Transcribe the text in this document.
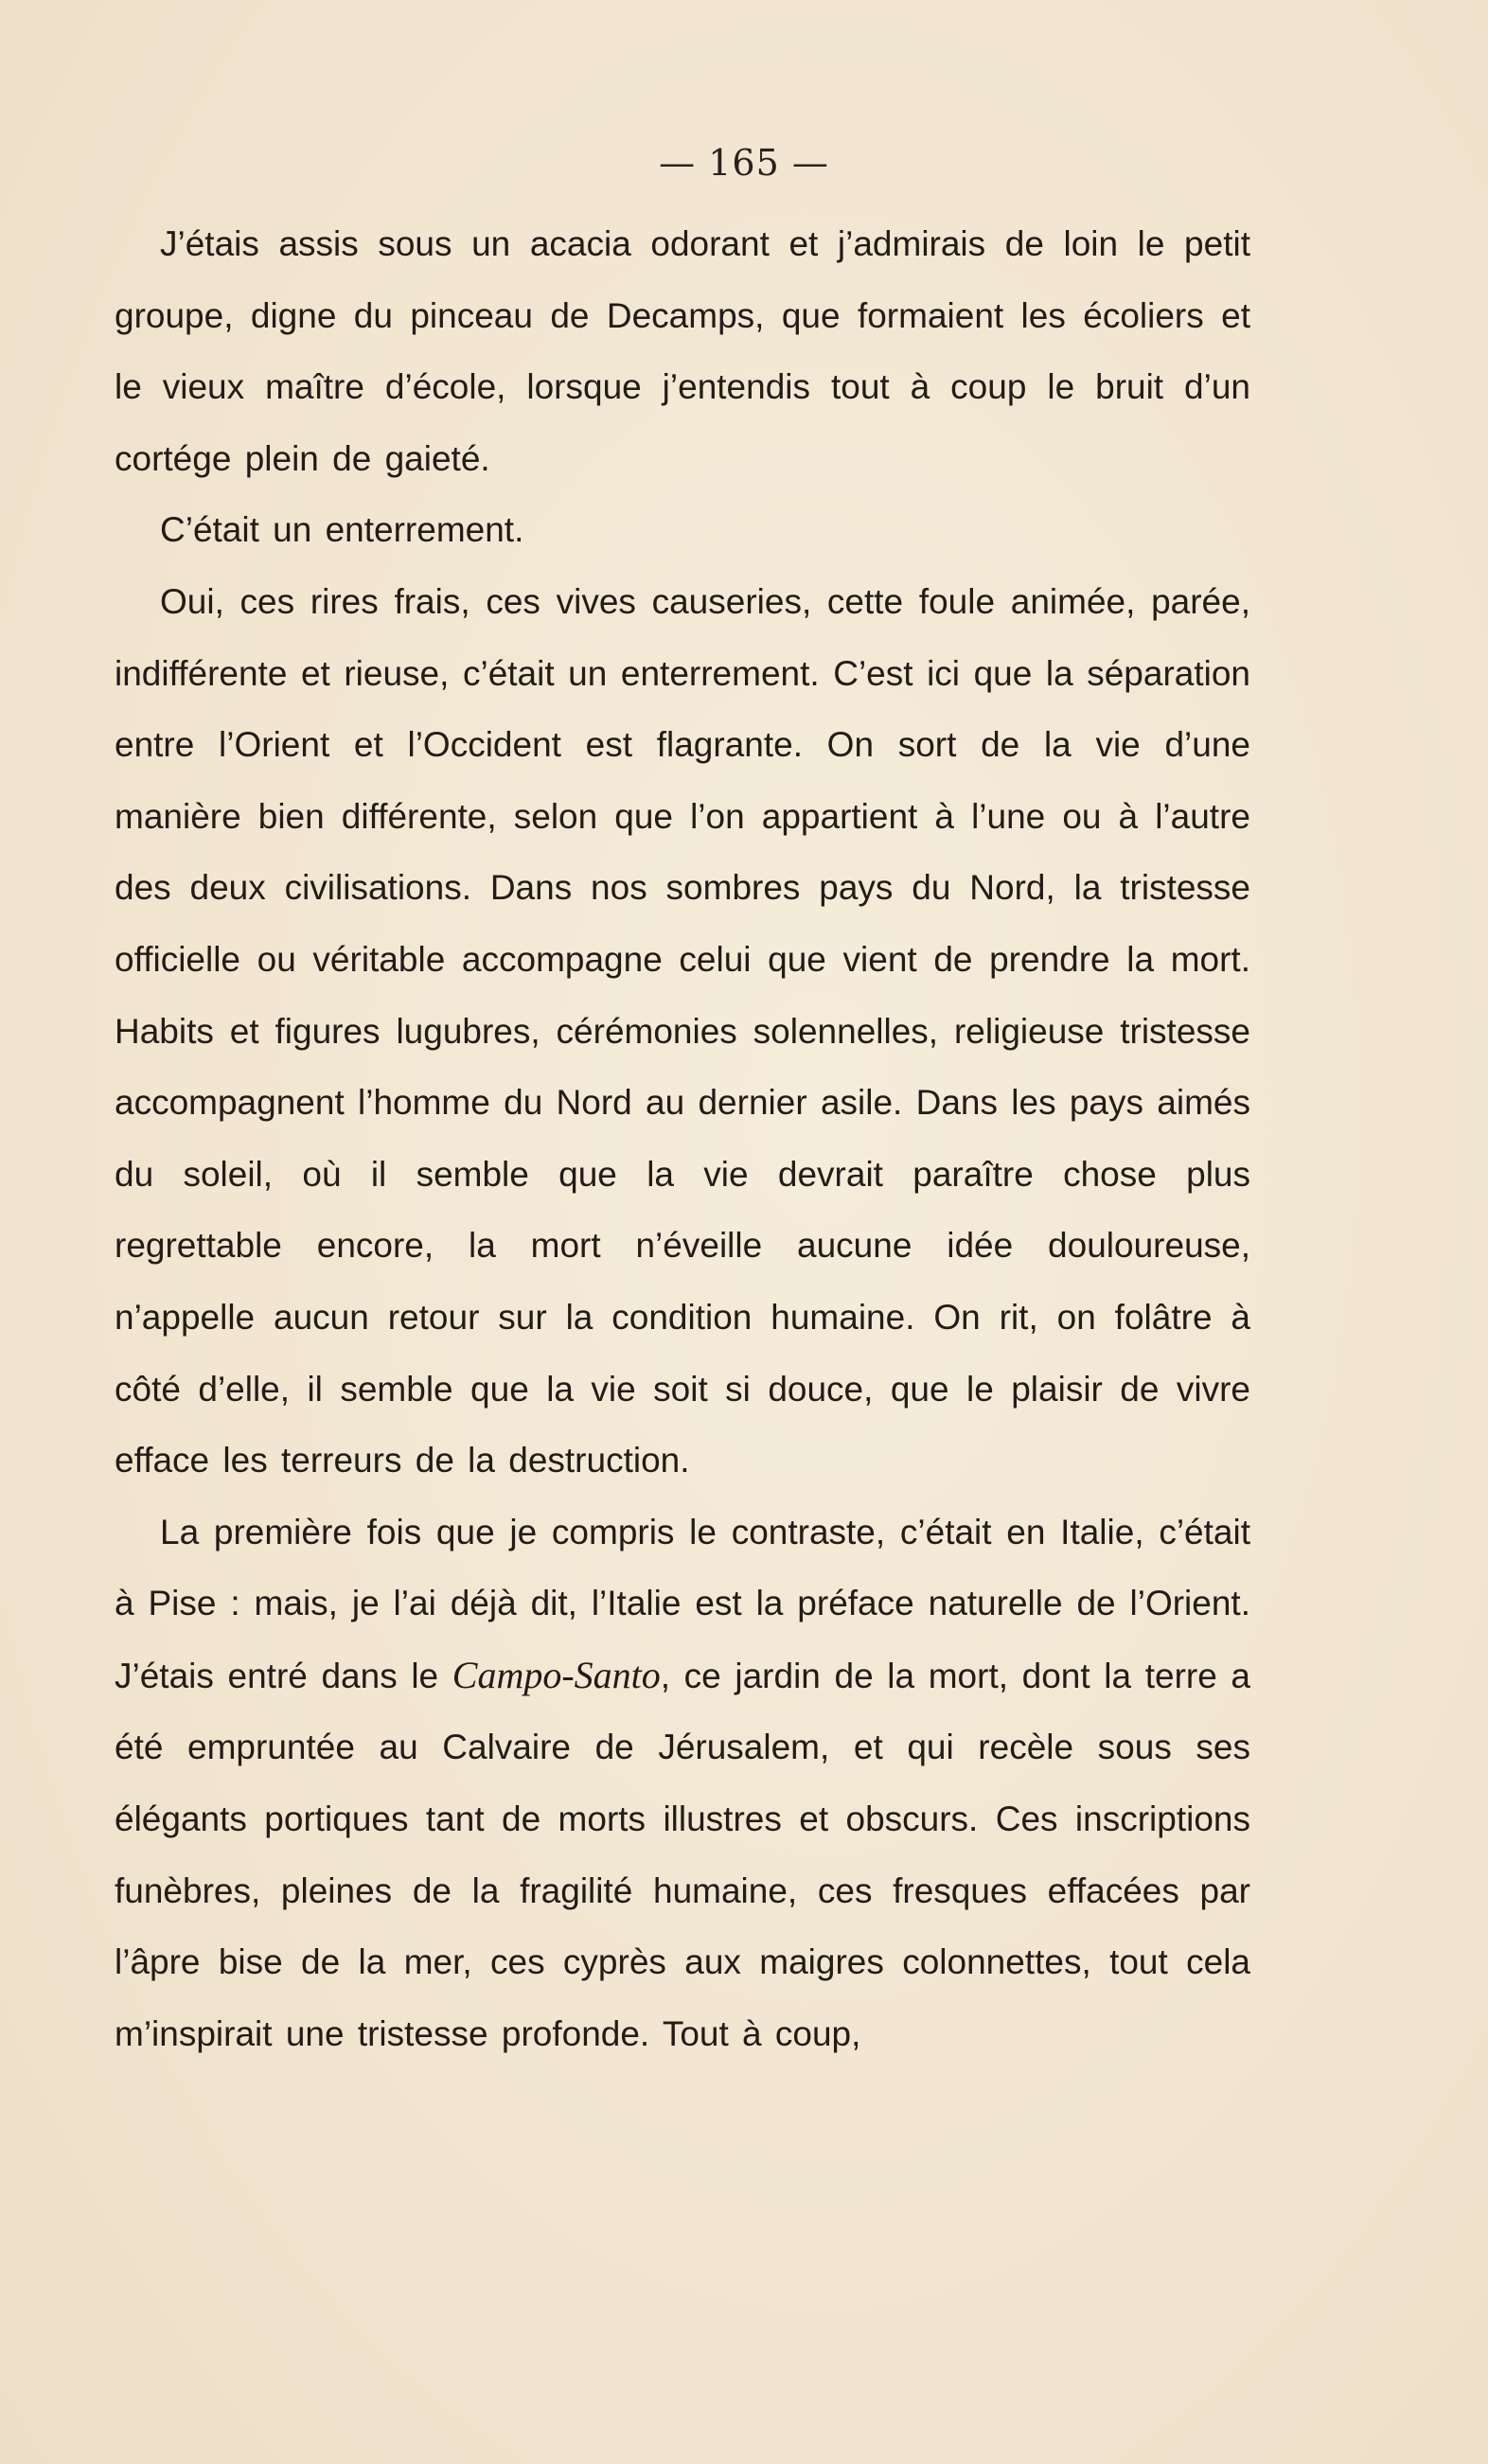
— 165 —

J’étais assis sous un acacia odorant et j’admirais de loin le petit groupe, digne du pinceau de Decamps, que formaient les écoliers et le vieux maître d’école, lorsque j’entendis tout à coup le bruit d’un cortége plein de gaieté.

C’était un enterrement.

Oui, ces rires frais, ces vives causeries, cette foule animée, parée, indifférente et rieuse, c’était un enterrement. C’est ici que la séparation entre l’Orient et l’Occident est flagrante. On sort de la vie d’une manière bien différente, selon que l’on appartient à l’une ou à l’autre des deux civilisations. Dans nos sombres pays du Nord, la tristesse officielle ou véritable accompagne celui que vient de prendre la mort. Habits et figures lugubres, cérémonies solennelles, religieuse tristesse accompagnent l’homme du Nord au dernier asile. Dans les pays aimés du soleil, où il semble que la vie devrait paraître chose plus regrettable encore, la mort n’éveille aucune idée douloureuse, n’appelle aucun retour sur la condition humaine. On rit, on folâtre à côté d’elle, il semble que la vie soit si douce, que le plaisir de vivre efface les terreurs de la destruction.

La première fois que je compris le contraste, c’était en Italie, c’était à Pise : mais, je l’ai déjà dit, l’Italie est la préface naturelle de l’Orient. J’étais entré dans le Campo-Santo, ce jardin de la mort, dont la terre a été empruntée au Calvaire de Jérusalem, et qui recèle sous ses élégants portiques tant de morts illustres et obscurs. Ces inscriptions funèbres, pleines de la fragilité humaine, ces fresques effacées par l’âpre bise de la mer, ces cyprès aux maigres colonnettes, tout cela m’inspirait une tristesse profonde. Tout à coup,
